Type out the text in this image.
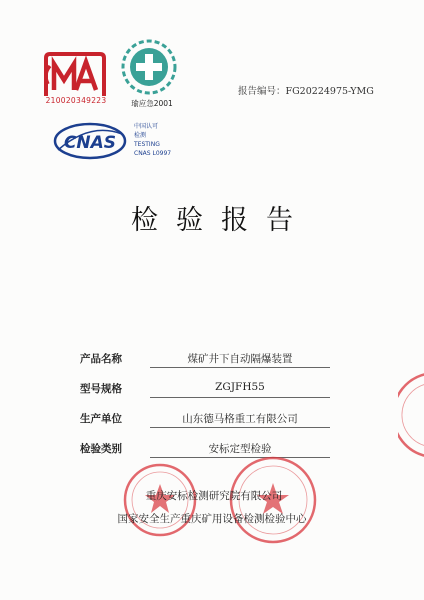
210020349223	瑜应急2001
报告编号：FG20224975-YMG
CNAS
中国认可
检测
TESTING
CNAS L0997
检验报告
产品名称	煤矿井下自动隔爆装置
型号规格	ZGJFH55
生产单位	山东德马格重工有限公司
检验类别	安标定型检验
重庆安标检测研究院有限公司
国家安全生产重庆矿用设备检测检验中心
